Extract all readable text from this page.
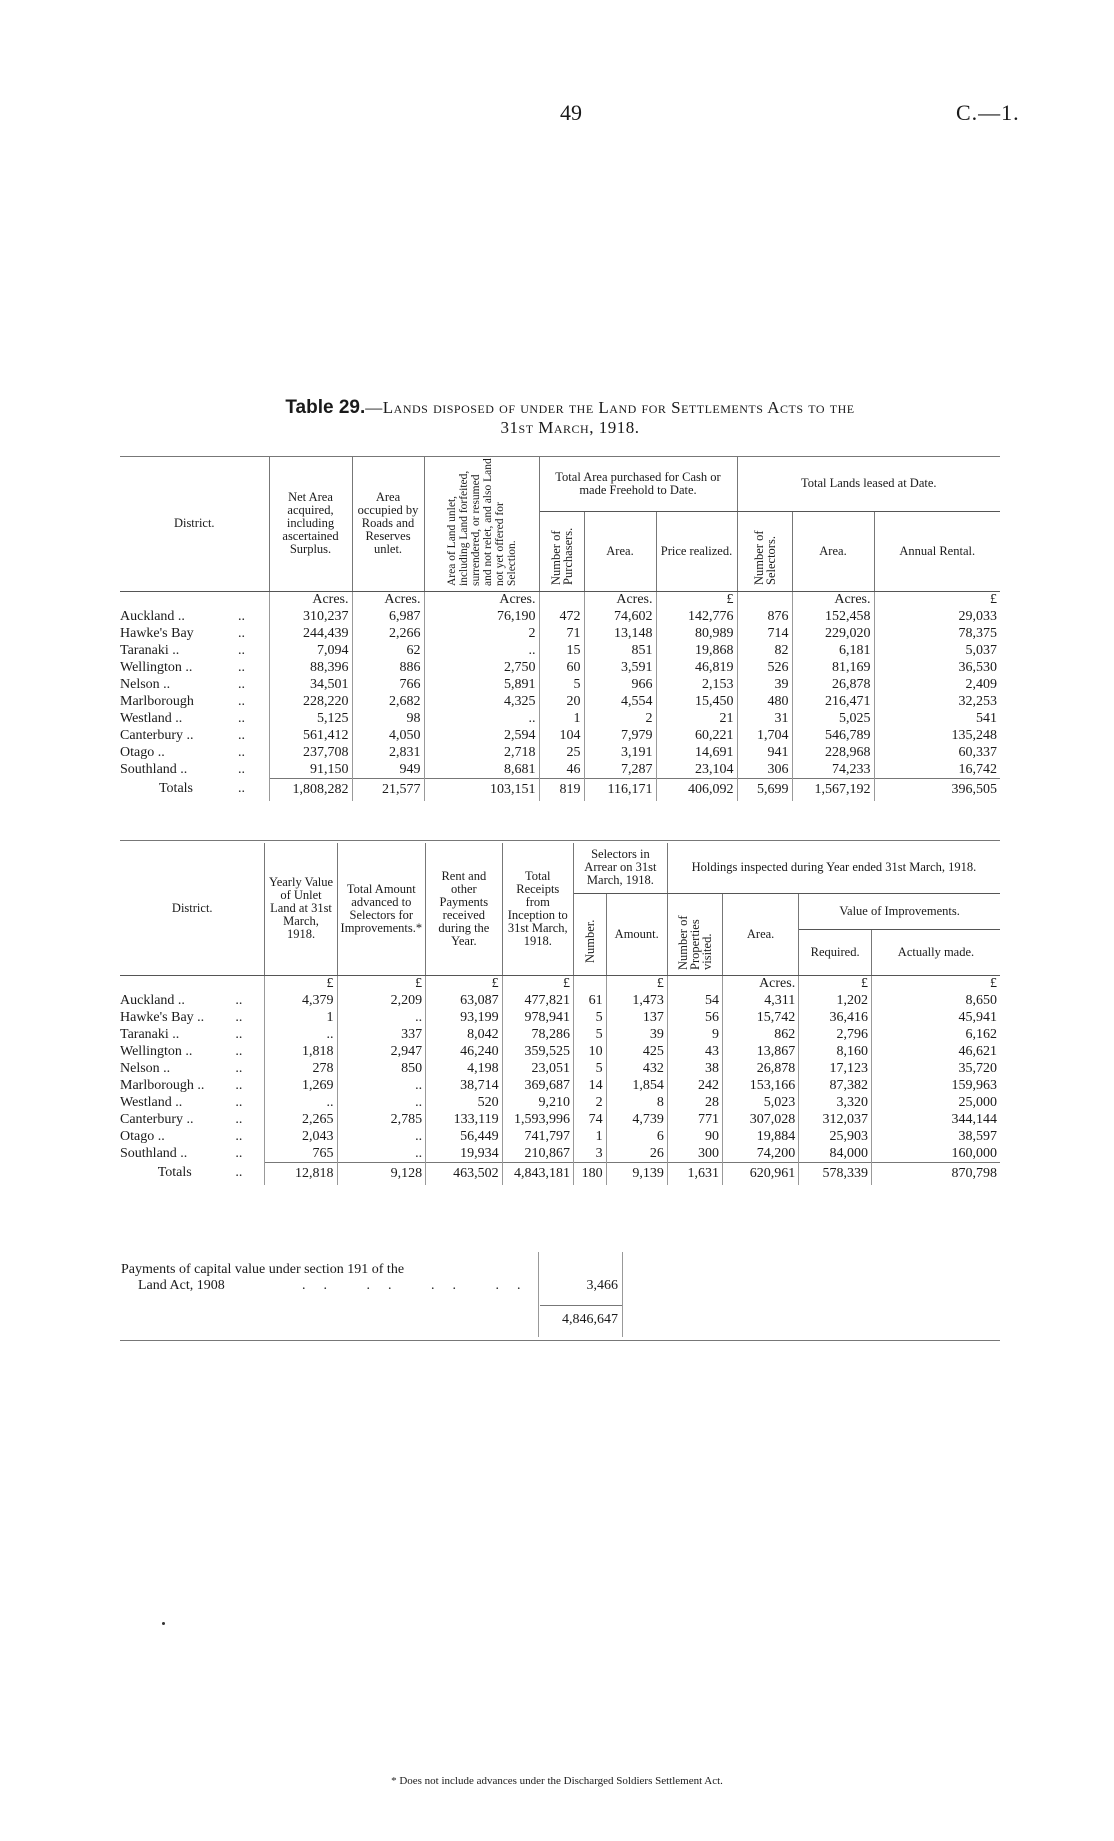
49	C.—1.
Table 29.—Lands disposed of under the Land for Settlements Acts to the
31st March, 1918.
District.		Net Area acquired, including ascertained Surplus.	Area occupied by Roads and Reserves unlet.	Area of Land unlet, including Land forfeited, surrendered, or resumed and not relet, and also Land not yet offered for Selection.	Total Area purchased for Cash or made Freehold to Date.			Total Lands leased at Date.		
					Number of Purchasers.	Area.	Price realized.	Number of Selectors.	Area.	Annual Rental.
		Acres.	Acres.	Acres.		Acres.	£		Acres.	£
Auckland ..	..	310,237	6,987	76,190	472	74,602	142,776	876	152,458	29,033
Hawke's Bay	..	244,439	2,266	2	71	13,148	80,989	714	229,020	78,375
Taranaki ..	..	7,094	62	..	15	851	19,868	82	6,181	5,037
Wellington ..	..	88,396	886	2,750	60	3,591	46,819	526	81,169	36,530
Nelson ..	..	34,501	766	5,891	5	966	2,153	39	26,878	2,409
Marlborough	..	228,220	2,682	4,325	20	4,554	15,450	480	216,471	32,253
Westland ..	..	5,125	98	..	1	2	21	31	5,025	541
Canterbury ..	..	561,412	4,050	2,594	104	7,979	60,221	1,704	546,789	135,248
Otago ..	..	237,708	2,831	2,718	25	3,191	14,691	941	228,968	60,337
Southland ..	..	91,150	949	8,681	46	7,287	23,104	306	74,233	16,742
Totals	..	1,808,282	21,577	103,151	819	116,171	406,092	5,699	1,567,192	396,505
District.		Yearly Value of Unlet Land at 31st March, 1918.	Total Amount advanced to Selectors for Improvements.*	Rent and other Payments received during the Year.	Total Receipts from Inception to 31st March, 1918.	Selectors in Arrear on 31st March, 1918.		Holdings inspected during Year ended 31st March, 1918.			
						Number.	Amount.	Number of Properties visited.	Area.	Value of Improvements.	
										Required.	Actually made.
		£	£	£	£		£		Acres.	£	£
Auckland ..	..	4,379	2,209	63,087	477,821	61	1,473	54	4,311	1,202	8,650
Hawke's Bay ..	..	1	..	93,199	978,941	5	137	56	15,742	36,416	45,941
Taranaki ..	..	..	337	8,042	78,286	5	39	9	862	2,796	6,162
Wellington ..	..	1,818	2,947	46,240	359,525	10	425	43	13,867	8,160	46,621
Nelson ..	..	278	850	4,198	23,051	5	432	38	26,878	17,123	35,720
Marlborough ..	..	1,269	..	38,714	369,687	14	1,854	242	153,166	87,382	159,963
Westland ..	..	..	..	520	9,210	2	8	28	5,023	3,320	25,000
Canterbury ..	..	2,265	2,785	133,119	1,593,996	74	4,739	771	307,028	312,037	344,144
Otago ..	..	2,043	..	56,449	741,797	1	6	90	19,884	25,903	38,597
Southland ..	..	765	..	19,934	210,867	3	26	300	74,200	84,000	160,000
Totals	..	12,818	9,128	463,502	4,843,181	180	9,139	1,631	620,961	578,339	870,798
Payments of capital value under section 191 of the
Land Act, 1908	.. .. .. ..	3,466
4,846,647
* Does not include advances under the Discharged Soldiers Settlement Act.
